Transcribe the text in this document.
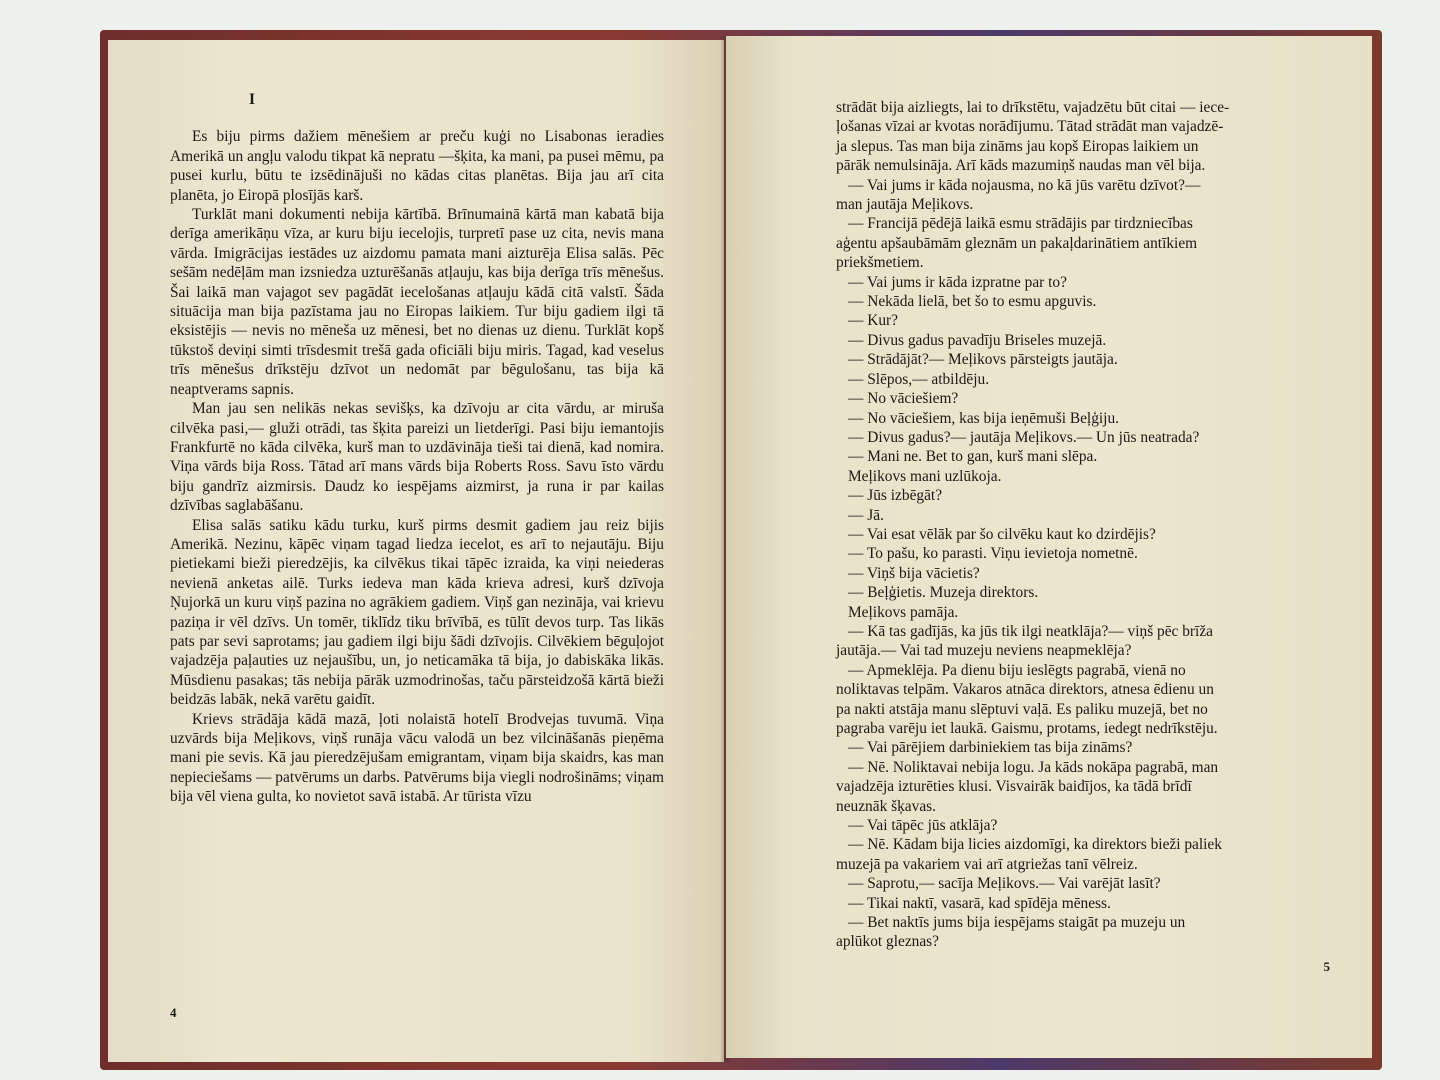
I

Es biju pirms dažiem mēnešiem ar preču kuģi no Lisabonas ieradies Amerikā un angļu valodu tikpat kā nepratu —šķita, ka mani, pa pusei mēmu, pa pusei kurlu, būtu te izsēdinājuši no kādas citas planētas. Bija jau arī cita planēta, jo Eiropā plosījās karš.

Turklāt mani dokumenti nebija kārtībā. Brīnumainā kārtā man kabatā bija derīga amerikāņu vīza, ar kuru biju iecelojis, turpretī pase uz cita, nevis mana vārda. Imigrācijas iestādes uz aizdomu pamata mani aizturēja Elisa salās. Pēc sešām nedēļām man izsniedza uzturēšanās atļauju, kas bija derīga trīs mēnešus. Šai laikā man vajagot sev pagādāt iecelošanas atļauju kādā citā valstī. Šāda situācija man bija pazīstama jau no Eiropas laikiem. Tur biju gadiem ilgi tā eksistējis — nevis no mēneša uz mēnesi, bet no dienas uz dienu. Turklāt kopš tūkstoš deviņi simti trīsdesmit trešā gada oficiāli biju miris. Tagad, kad veselus trīs mēnešus drīkstēju dzīvot un nedomāt par bēgulošanu, tas bija kā neaptverams sapnis.

Man jau sen nelikās nekas sevišķs, ka dzīvoju ar cita vārdu, ar miruša cilvēka pasi,— gluži otrādi, tas šķita pareizi un lietderīgi. Pasi biju iemantojis Frankfurtē no kāda cilvēka, kurš man to uzdāvināja tieši tai dienā, kad nomira. Viņa vārds bija Ross. Tātad arī mans vārds bija Roberts Ross. Savu īsto vārdu biju gandrīz aizmirsis. Daudz ko iespējams aizmirst, ja runa ir par kailas dzīvības saglabāšanu.

Elisa salās satiku kādu turku, kurš pirms desmit gadiem jau reiz bijis Amerikā. Nezinu, kāpēc viņam tagad liedza iecelot, es arī to nejautāju. Biju pietiekami bieži pieredzējis, ka cilvēkus tikai tāpēc izraida, ka viņi neiederas nevienā anketas ailē. Turks iedeva man kāda krieva adresi, kurš dzīvoja Ņujorkā un kuru viņš pazina no agrākiem gadiem. Viņš gan nezināja, vai krievu paziņa ir vēl dzīvs. Un tomēr, tiklīdz tiku brīvībā, es tūlīt devos turp. Tas likās pats par sevi saprotams; jau gadiem ilgi biju šādi dzīvojis. Cilvēkiem bēguļojot vajadzēja paļauties uz nejaušību, un, jo neticamāka tā bija, jo dabiskāka likās. Mūsdienu pasakas; tās nebija pārāk uzmodrinošas, taču pārsteidzošā kārtā bieži beidzās labāk, nekā varētu gaidīt.

Krievs strādāja kādā mazā, ļoti nolaistā hotelī Brodvejas tuvumā. Viņa uzvārds bija Meļikovs, viņš runāja vācu valodā un bez vilcināšanās pieņēma mani pie sevis. Kā jau pieredzējušam emigrantam, viņam bija skaidrs, kas man nepieciešams — patvērums un darbs. Patvērums bija viegli nodrošināms; viņam bija vēl viena gulta, ko novietot savā istabā. Ar tūrista vīzu

4
strādāt bija aizliegts, lai to drīkstētu, vajadzētu būt citai — iece-
ļošanas vīzai ar kvotas norādījumu. Tātad strādāt man vajadzē-
ja slepus. Tas man bija zināms jau kopš Eiropas laikiem un
pārāk nemulsināja. Arī kāds mazumiņš naudas man vēl bija.
— Vai jums ir kāda nojausma, no kā jūs varētu dzīvot?—
man jautāja Meļikovs.
— Francijā pēdējā laikā esmu strādājis par tirdzniecības
aģentu apšaubāmām gleznām un pakaļdarinātiem antīkiem
priekšmetiem.
— Vai jums ir kāda izpratne par to?
— Nekāda lielā, bet šo to esmu apguvis.
— Kur?
— Divus gadus pavadīju Briseles muzejā.
— Strādājāt?— Meļikovs pārsteigts jautāja.
— Slēpos,— atbildēju.
— No vāciešiem?
— No vāciešiem, kas bija ieņēmuši Beļģiju.
— Divus gadus?— jautāja Meļikovs.— Un jūs neatrada?
— Mani ne. Bet to gan, kurš mani slēpa.
Meļikovs mani uzlūkoja.
— Jūs izbēgāt?
— Jā.
— Vai esat vēlāk par šo cilvēku kaut ko dzirdējis?
— To pašu, ko parasti. Viņu ievietoja nometnē.
— Viņš bija vācietis?
— Beļģietis. Muzeja direktors.
Meļikovs pamāja.
— Kā tas gadījās, ka jūs tik ilgi neatklāja?— viņš pēc brīža
jautāja.— Vai tad muzeju neviens neapmeklēja?
— Apmeklēja. Pa dienu biju ieslēgts pagrabā, vienā no
noliktavas telpām. Vakaros atnāca direktors, atnesa ēdienu un
pa nakti atstāja manu slēptuvi vaļā. Es paliku muzejā, bet no
pagraba varēju iet laukā. Gaismu, protams, iedegt nedrīkstēju.
— Vai pārējiem darbiniekiem tas bija zināms?
— Nē. Noliktavai nebija logu. Ja kāds nokāpa pagrabā, man
vajadzēja izturēties klusi. Visvairāk baidījos, ka tādā brīdī
neuznāk šķavas.
— Vai tāpēc jūs atklāja?
— Nē. Kādam bija licies aizdomīgi, ka direktors bieži paliek
muzejā pa vakariem vai arī atgriežas tanī vēlreiz.
— Saprotu,— sacīja Meļikovs.— Vai varējāt lasīt?
— Tikai naktī, vasarā, kad spīdēja mēness.
— Bet naktīs jums bija iespējams staigāt pa muzeju un
aplūkot gleznas?
5
